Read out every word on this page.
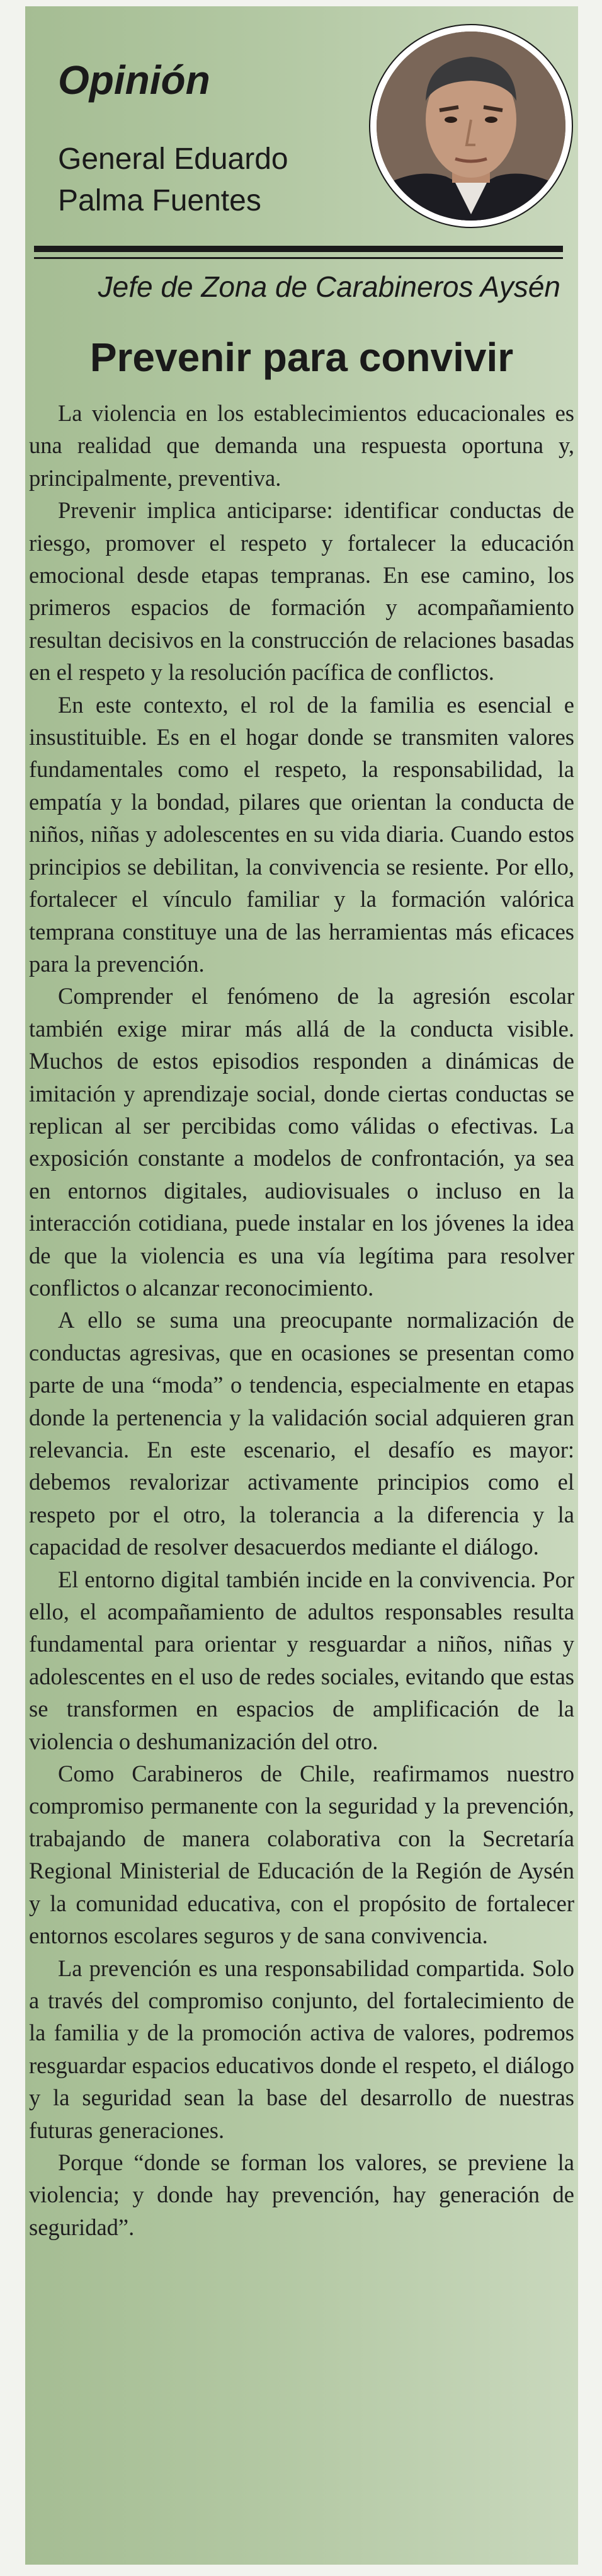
Opinión

General Eduardo Palma Fuentes

Jefe de Zona de Carabineros Aysén

Prevenir para convivir

La violencia en los establecimientos educacionales es una realidad que demanda una respuesta oportuna y, principalmente, preventiva.

Prevenir implica anticiparse: identificar conductas de riesgo, promover el respeto y fortalecer la educación emocional desde etapas tempranas. En ese camino, los primeros espacios de formación y acompañamiento resultan decisivos en la construcción de relaciones basadas en el respeto y la resolución pacífica de conflictos.

En este contexto, el rol de la familia es esencial e insustituible. Es en el hogar donde se transmiten valores fundamentales como el respeto, la responsabilidad, la empatía y la bondad, pilares que orientan la conducta de niños, niñas y adolescentes en su vida diaria. Cuando estos principios se debilitan, la convivencia se resiente. Por ello, fortalecer el vínculo familiar y la formación valórica temprana constituye una de las herramientas más eficaces para la prevención.

Comprender el fenómeno de la agresión escolar también exige mirar más allá de la conducta visible. Muchos de estos episodios responden a dinámicas de imitación y aprendizaje social, donde ciertas conductas se replican al ser percibidas como válidas o efectivas. La exposición constante a modelos de confrontación, ya sea en entornos digitales, audiovisuales o incluso en la interacción cotidiana, puede instalar en los jóvenes la idea de que la violencia es una vía legítima para resolver conflictos o alcanzar reconocimiento.

A ello se suma una preocupante normalización de conductas agresivas, que en ocasiones se presentan como parte de una “moda” o tendencia, especialmente en etapas donde la pertenencia y la validación social adquieren gran relevancia. En este escenario, el desafío es mayor: debemos revalorizar activamente principios como el respeto por el otro, la tolerancia a la diferencia y la capacidad de resolver desacuerdos mediante el diálogo.

El entorno digital también incide en la convivencia. Por ello, el acompañamiento de adultos responsables resulta fundamental para orientar y resguardar a niños, niñas y adolescentes en el uso de redes sociales, evitando que estas se transformen en espacios de amplificación de la violencia o deshumanización del otro.

Como Carabineros de Chile, reafirmamos nuestro compromiso permanente con la seguridad y la prevención, trabajando de manera colaborativa con la Secretaría Regional Ministerial de Educación de la Región de Aysén y la comunidad educativa, con el propósito de fortalecer entornos escolares seguros y de sana convivencia.

La prevención es una responsabilidad compartida. Solo a través del compromiso conjunto, del fortalecimiento de la familia y de la promoción activa de valores, podremos resguardar espacios educativos donde el respeto, el diálogo y la seguridad sean la base del desarrollo de nuestras futuras generaciones.

Porque “donde se forman los valores, se previene la violencia; y donde hay prevención, hay generación de seguridad”.
